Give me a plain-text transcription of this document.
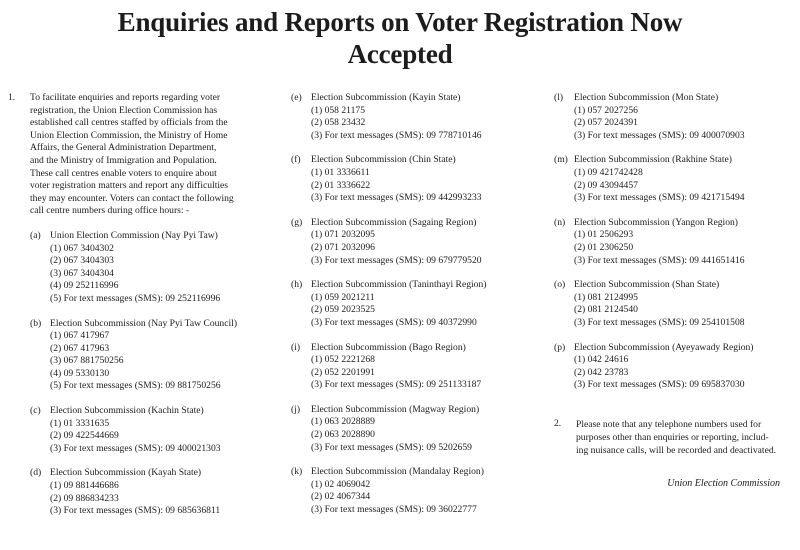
Enquiries and Reports on Voter Registration Now
Accepted
1.	To facilitate enquiries and reports regarding voter
registration, the Union Election Commission has
established call centres staffed by officials from the
Union Election Commission, the Ministry of Home
Affairs, the General Administration Department,
and the Ministry of Immigration and Population.
These call centres enable voters to enquire about
voter registration matters and report any difficulties
they may encounter. Voters can contact the following
call centre numbers during office hours: -
(a) Union Election Commission (Nay Pyi Taw)
(1) 067 3404302
(2) 067 3404303
(3) 067 3404304
(4) 09 252116996
(5) For text messages (SMS): 09 252116996
(b) Election Subcommission (Nay Pyi Taw Council)
(1) 067 417967
(2) 067 417963
(3) 067 881750256
(4) 09 5330130
(5) For text messages (SMS): 09 881750256
(c) Election Subcommission (Kachin State)
(1) 01 3331635
(2) 09 422544669
(3) For text messages (SMS): 09 400021303
(d) Election Subcommission (Kayah State)
(1) 09 881446686
(2) 09 886834233
(3) For text messages (SMS): 09 685636811
(e) Election Subcommission (Kayin State)
(1) 058 21175
(2) 058 23432
(3) For text messages (SMS): 09 778710146
(f)	Election Subcommission (Chin State)
(1) 01 3336611
(2) 01 3336622
(3) For text messages (SMS): 09 442993233
(g) Election Subcommission (Sagaing Region)
(1) 071 2032095
(2) 071 2032096
(3) For text messages (SMS): 09 679779520
(h) Election Subcommission (Taninthayi Region)
(1) 059 2021211
(2) 059 2023525
(3) For text messages (SMS): 09 40372990
(i)	Election Subcommission (Bago Region)
(1) 052 2221268
(2) 052 2201991
(3) For text messages (SMS): 09 251133187
(j)	Election Subcommission (Magway Region)
(1) 063 2028889
(2) 063 2028890
(3) For text messages (SMS): 09 5202659
(k) Election Subcommission (Mandalay Region)
(1) 02 4069042
(2) 02 4067344
(3) For text messages (SMS): 09 36022777
(l)	Election Subcommission (Mon State)
(1) 057 2027256
(2) 057 2024391
(3) For text messages (SMS): 09 400070903
(m) Election Subcommission (Rakhine State)
(1) 09 421742428
(2) 09 43094457
(3) For text messages (SMS): 09 421715494
(n) Election Subcommission (Yangon Region)
(1) 01 2506293
(2) 01 2306250
(3) For text messages (SMS): 09 441651416
(o) Election Subcommission (Shan State)
(1) 081 2124995
(2) 081 2124540
(3) For text messages (SMS): 09 254101508
(p) Election Subcommission (Ayeyawady Region)
(1) 042 24616
(2) 042 23783
(3) For text messages (SMS): 09 695837030
2.	Please note that any telephone numbers used for
purposes other than enquiries or reporting, includ-
ing nuisance calls, will be recorded and deactivated.
Union Election Commission
